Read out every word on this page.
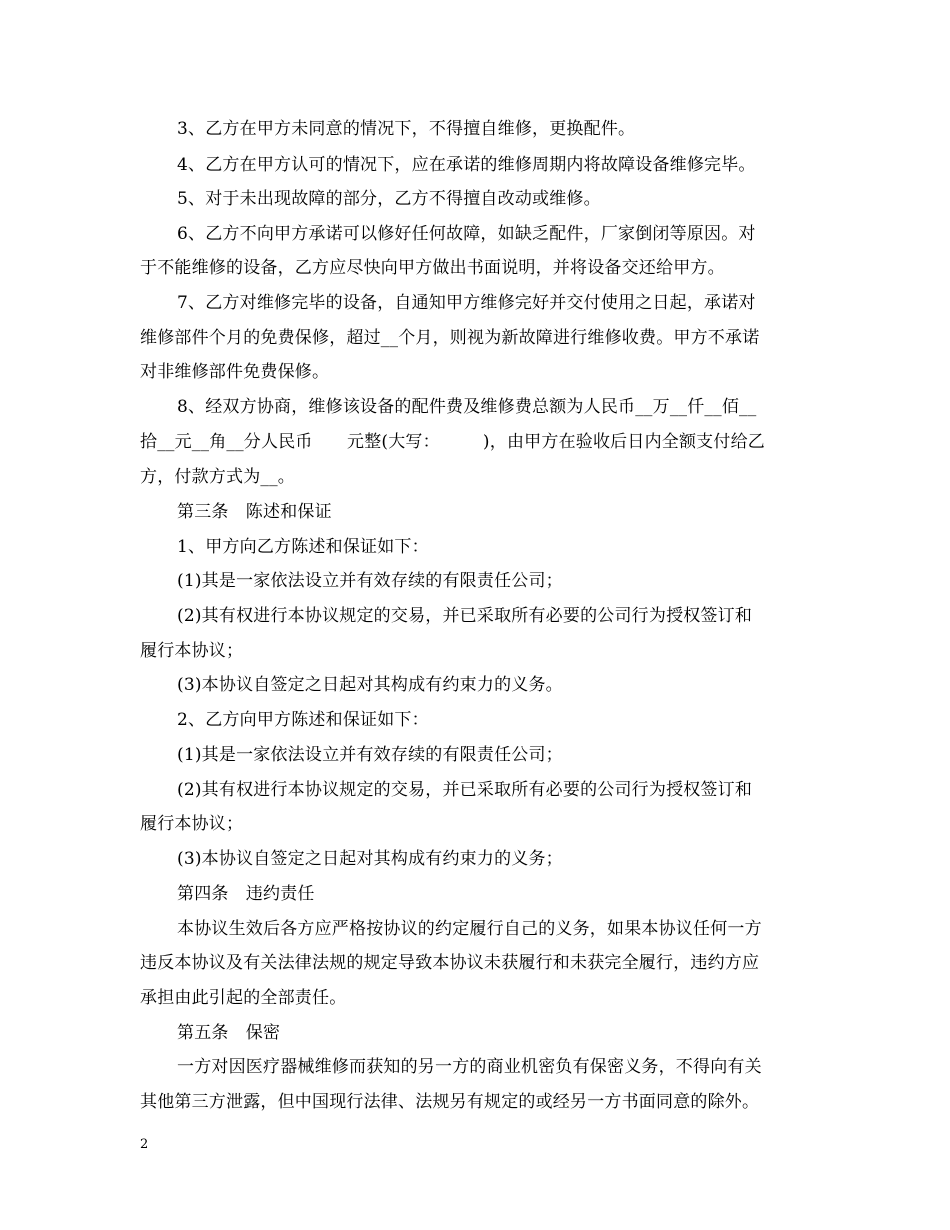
3、乙方在甲方未同意的情况下，不得擅自维修，更换配件。
4、乙方在甲方认可的情况下，应在承诺的维修周期内将故障设备维修完毕。
5、对于未出现故障的部分，乙方不得擅自改动或维修。
6、乙方不向甲方承诺可以修好任何故障，如缺乏配件，厂家倒闭等原因。对
于不能维修的设备，乙方应尽快向甲方做出书面说明，并将设备交还给甲方。
7、乙方对维修完毕的设备，自通知甲方维修完好并交付使用之日起，承诺对
维修部件个月的免费保修，超过__个月，则视为新故障进行维修收费。甲方不承诺
对非维修部件免费保修。
8、经双方协商，维修该设备的配件费及维修费总额为人民币__万__仟__佰__
拾__元__角__分人民币　　元整(大写：　　　)，由甲方在验收后日内全额支付给乙
方，付款方式为__。
第三条　陈述和保证
1、甲方向乙方陈述和保证如下：
(1)其是一家依法设立并有效存续的有限责任公司；
(2)其有权进行本协议规定的交易，并已采取所有必要的公司行为授权签订和
履行本协议；
(3)本协议自签定之日起对其构成有约束力的义务。
2、乙方向甲方陈述和保证如下：
(1)其是一家依法设立并有效存续的有限责任公司；
(2)其有权进行本协议规定的交易，并已采取所有必要的公司行为授权签订和
履行本协议；
(3)本协议自签定之日起对其构成有约束力的义务；
第四条　违约责任
本协议生效后各方应严格按协议的约定履行自己的义务，如果本协议任何一方
违反本协议及有关法律法规的规定导致本协议未获履行和未获完全履行，违约方应
承担由此引起的全部责任。
第五条　保密
一方对因医疗器械维修而获知的另一方的商业机密负有保密义务，不得向有关
其他第三方泄露，但中国现行法律、法规另有规定的或经另一方书面同意的除外。
2
